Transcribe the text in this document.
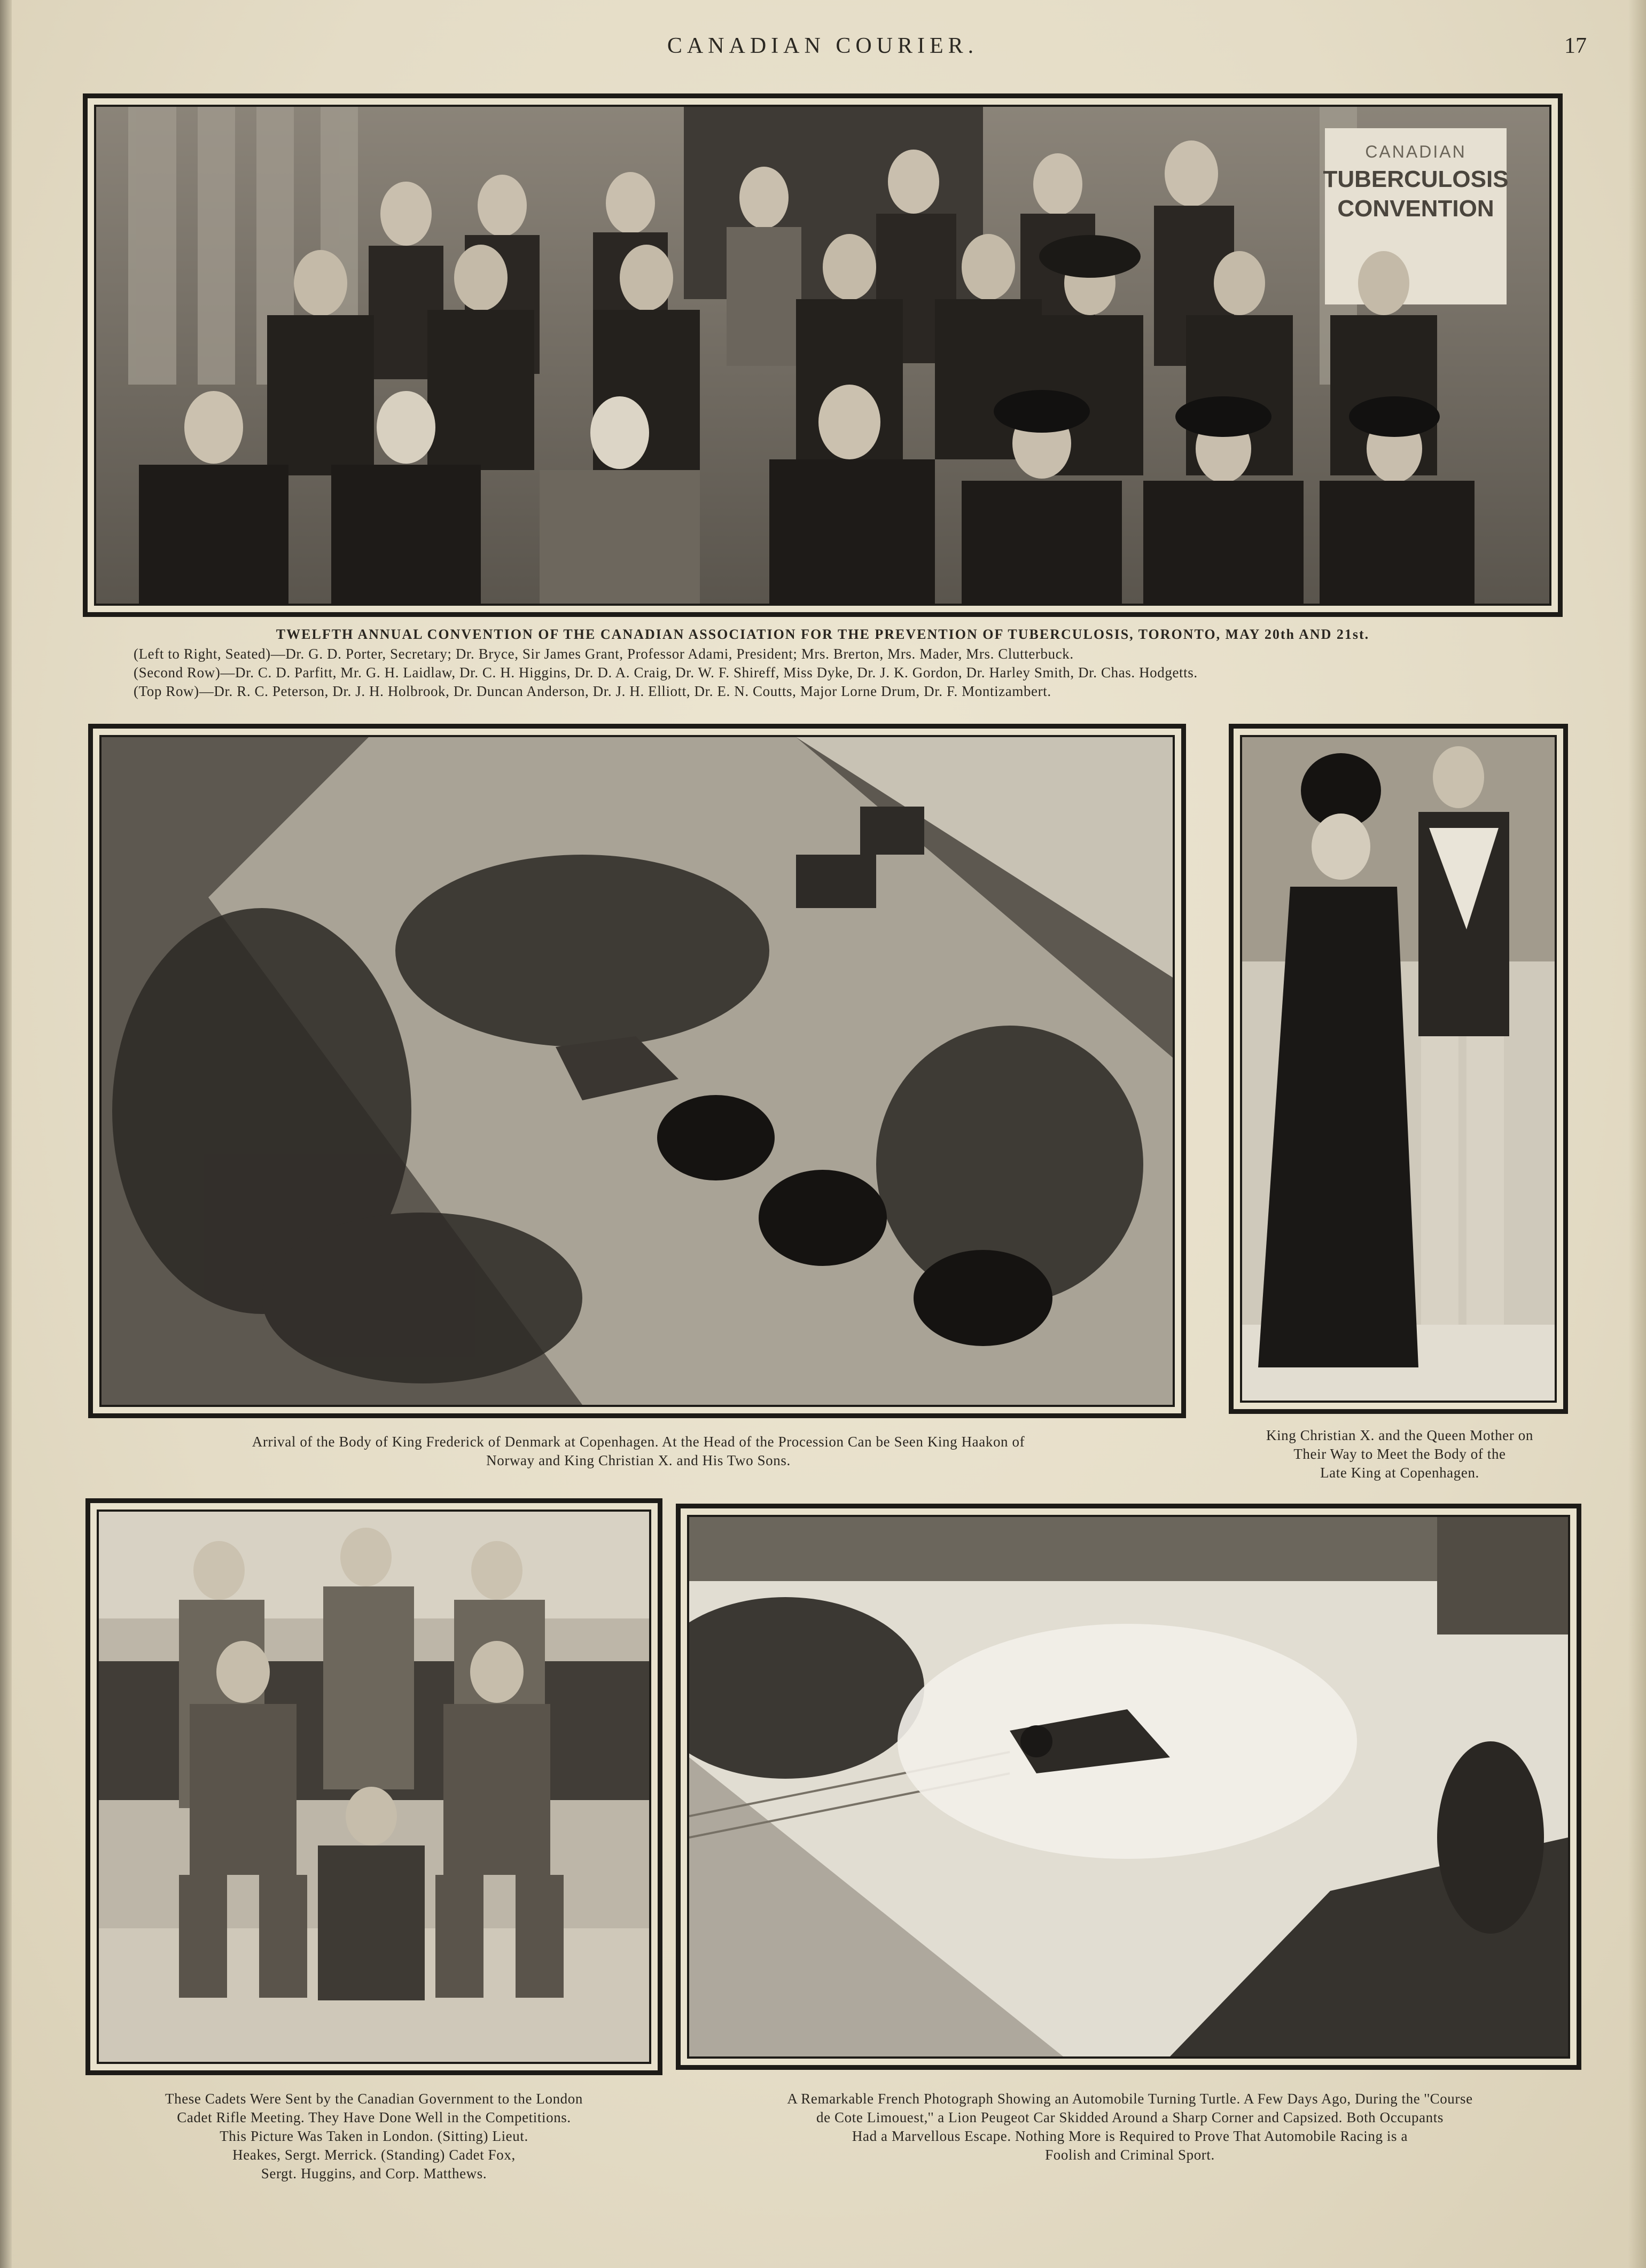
CANADIAN COURIER.	17
CANADIAN
TUBERCULOSIS
CONVENTION
TWELFTH ANNUAL CONVENTION OF THE CANADIAN ASSOCIATION FOR THE PREVENTION OF TUBERCULOSIS, TORONTO, MAY 20th AND 21st.
(Left to Right, Seated)—Dr. G. D. Porter, Secretary; Dr. Bryce, Sir James Grant, Professor Adami, President; Mrs. Brerton, Mrs. Mader, Mrs. Clutterbuck.
(Second Row)—Dr. C. D. Parfitt, Mr. G. H. Laidlaw, Dr. C. H. Higgins, Dr. D. A. Craig, Dr. W. F. Shireff, Miss Dyke, Dr. J. K. Gordon, Dr. Harley Smith, Dr. Chas. Hodgetts.
(Top Row)—Dr. R. C. Peterson, Dr. J. H. Holbrook, Dr. Duncan Anderson, Dr. J. H. Elliott, Dr. E. N. Coutts, Major Lorne Drum, Dr. F. Montizambert.
Arrival of the Body of King Frederick of Denmark at Copenhagen. At the Head of the Procession Can be Seen King Haakon of
Norway and King Christian X. and His Two Sons.
King Christian X. and the Queen Mother on
Their Way to Meet the Body of the
Late King at Copenhagen.
These Cadets Were Sent by the Canadian Government to the London
Cadet Rifle Meeting. They Have Done Well in the Competitions.
This Picture Was Taken in London. (Sitting) Lieut.
Heakes, Sergt. Merrick. (Standing) Cadet Fox,
Sergt. Huggins, and Corp. Matthews.
A Remarkable French Photograph Showing an Automobile Turning Turtle. A Few Days Ago, During the ''Course
de Cote Limouest,'' a Lion Peugeot Car Skidded Around a Sharp Corner and Capsized. Both Occupants
Had a Marvellous Escape. Nothing More is Required to Prove That Automobile Racing is a
Foolish and Criminal Sport.
